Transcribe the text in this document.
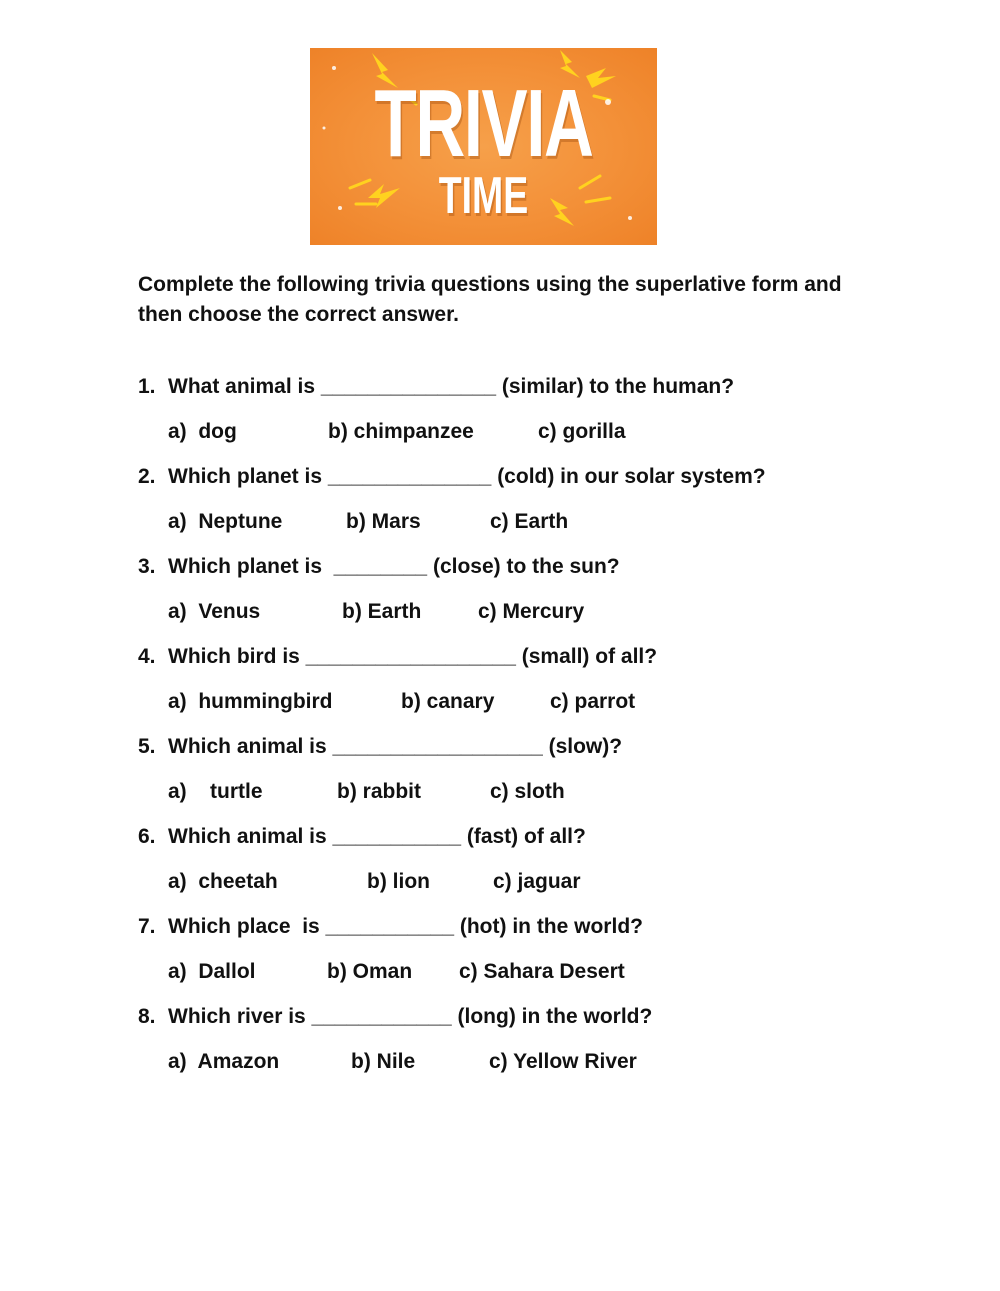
TRIVIA
TIME
Complete the following trivia questions using the superlative form and then choose the correct answer.
1. What animal is _______________ (similar) to the human?
a)  dog	b) chimpanzee	c) gorilla
2. Which planet is ______________ (cold) in our solar system?
a)  Neptune	b) Mars	c) Earth
3. Which planet is  ________ (close) to the sun?
a)  Venus	b) Earth	c) Mercury
4. Which bird is __________________ (small) of all?
a)  hummingbird	b) canary	c) parrot
5. Which animal is __________________ (slow)?
a)    turtle	b) rabbit	c) sloth
6. Which animal is ___________ (fast) of all?
a)  cheetah	b) lion	c) jaguar
7. Which place  is ___________ (hot) in the world?
a)  Dallol	b) Oman c) Sahara Desert
8. Which river is ____________ (long) in the world?
a)  Amazon	b) Nile	c) Yellow River
